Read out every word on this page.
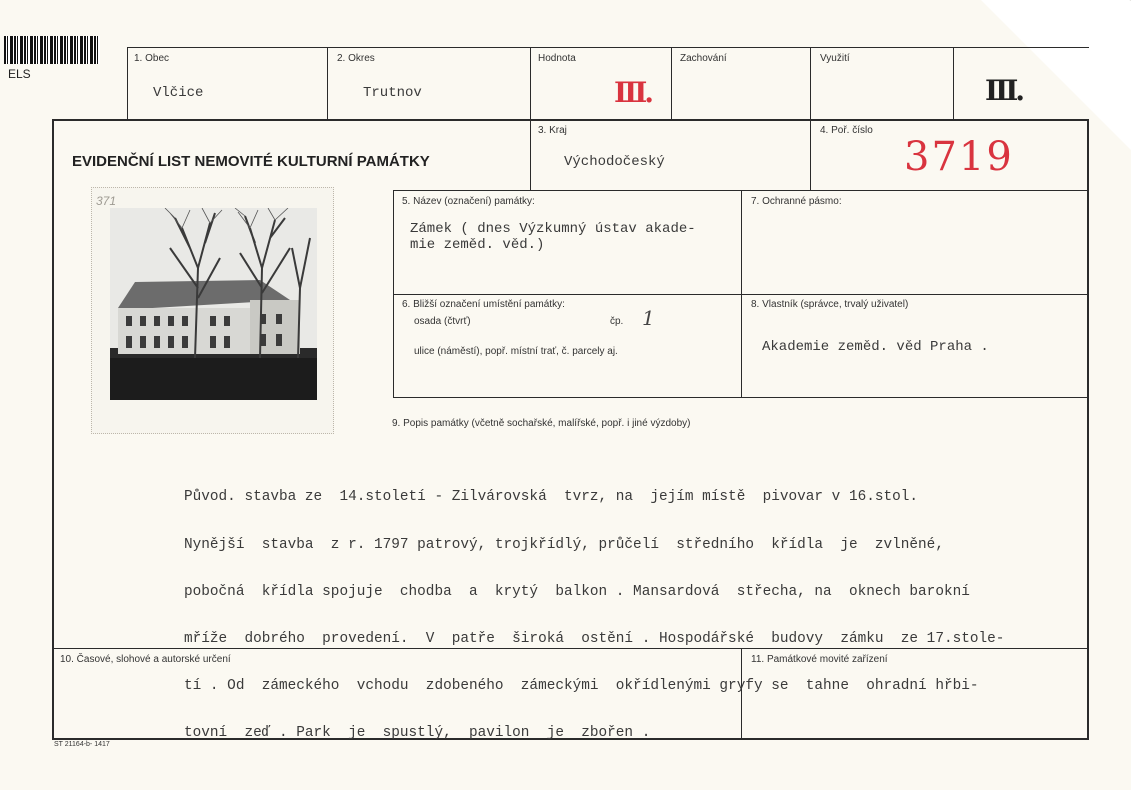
ELS
1. Obec
Vlčice
2. Okres
Trutnov
Hodnota
III.
Zachování	Využití
III.
EVIDENČNÍ LIST NEMOVITÉ KULTURNÍ PAMÁTKY
3. Kraj
Východočeský
4. Poř. číslo
3719
371	5. Název (označení) památky:
Zámek ( dnes Výzkumný ústav akade-
mie zeměd. věd.)
7. Ochranné pásmo:
6. Bližší označení umístění památky:
osada (čtvrť)	čp. 1
ulice (náměstí), popř. místní trať, č. parcely aj.
8. Vlastník (správce, trvalý uživatel)
Akademie zeměd. věd Praha .
9. Popis památky (včetně sochařské, malířské, popř. i jiné výzdoby)

Původ. stavba ze  14.století - Zilvárovská  tvrz, na  jejím místě  pivovar v 16.stol.

Nynější  stavba  z r. 1797 patrový, trojkřídlý, průčelí  středního  křídla  je  zvlněné,

pobočná  křídla spojuje  chodba  a  krytý  balkon . Mansardová  střecha, na  oknech barokní

mříže  dobrého  provedení.  V  patře  široká  ostění . Hospodářské  budovy  zámku  ze 17.stole-

tí . Od  zámeckého  vchodu  zdobeného  zámeckými  okřídlenými gryfy se  tahne  ohradní hřbi-

tovní  zeď . Park  je  spustlý,  pavilon  je  zbořen .

10. Časové, slohové a autorské určení	11. Památkové movité zařízení
ST 21164-b- 1417
